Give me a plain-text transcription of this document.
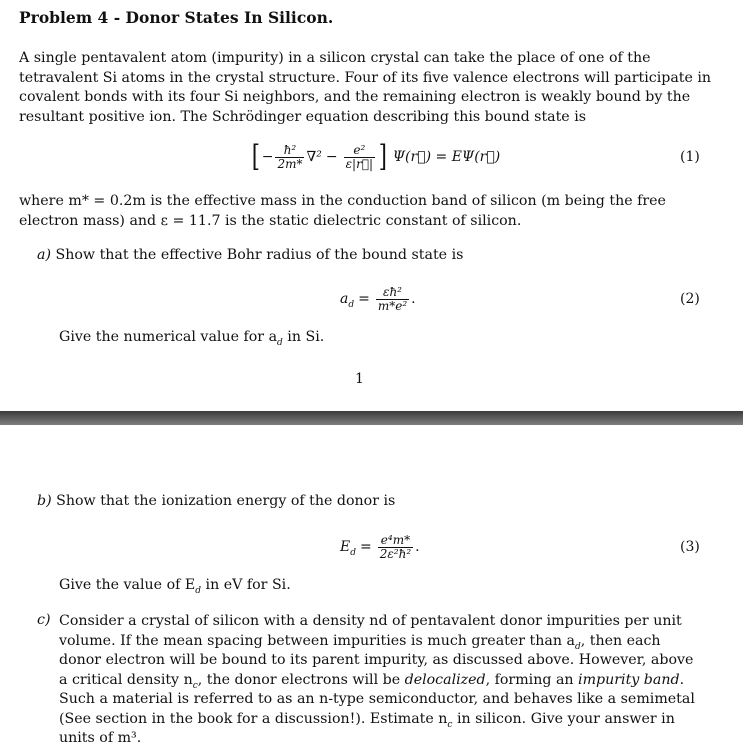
Problem 4 - Donor States In Silicon.
A single pentavalent atom (impurity) in a silicon crystal can take the place of one of the tetravalent Si atoms in the crystal structure. Four of its five valence electrons will participate in covalent bonds with its four Si neighbors, and the remaining electron is weakly bound by the resultant positive ion. The Schrödinger equation describing this bound state is
[ − $\frac{\text{ħ²}}{2m*} \nabla^2 - \frac{\text{e²}}{\varepsilon|r⃗|}$ ] Ψ(r⃗) = EΨ(r⃗)	(1)
where m* = 0.2m is the effective mass in the conduction band of silicon (m being the free electron mass) and ε = 11.7 is the static dielectric constant of silicon.
a) Show that the effective Bohr radius of the bound state is
$a_d = \frac{\text{εħ²}}{\text{m*e²}}$ .	(2)
Give the numerical value for $a_d$ in Si.
1
b) Show that the ionization energy of the donor is
$E_d = \frac{\text{e⁴m*}}{\text{2ε²ħ²}}$ .	(3)
Give the value of $E_d$ in eV for Si.
c) Consider a crystal of silicon with a density nd of pentavalent donor impurities per unit volume. If the mean spacing between impurities is much greater than $a_d$, then each donor electron will be bound to its parent impurity, as discussed above. However, above a critical density $n_c$, the donor electrons will be delocalized, forming an impurity band. Such a material is referred to as an n-type semiconductor, and behaves like a semimetal (See section in the book for a discussion!). Estimate $n_c$ in silicon. Give your answer in units of m³.
